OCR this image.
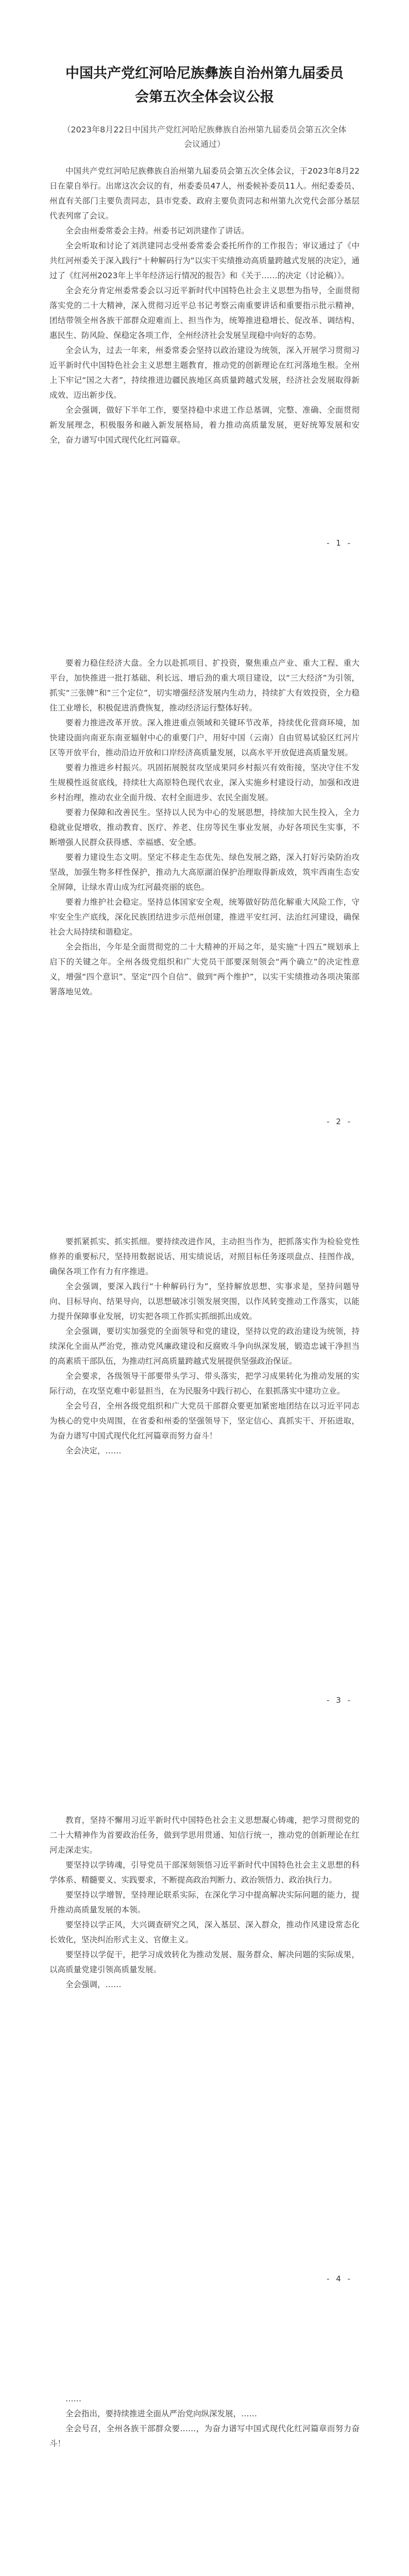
中国共产党红河哈尼族彝族自治州第九届委员会第五次全体会议公报
（2023年8月22日中国共产党红河哈尼族彝族自治州第九届委员会第五次全体会议通过）

中国共产党红河哈尼族彝族自治州第九届委员会第五次全体会议，于2023年8月22日在蒙自举行。出席这次会议的有，州委委员47人，州委候补委员11人。州纪委委员、州直有关部门主要负责同志，县市党委、政府主要负责同志和州第九次党代会部分基层代表列席了会议。

全会由州委常委会主持。州委书记刘洪建作了讲话。

全会听取和讨论了刘洪建同志受州委常委会委托所作的工作报告；审议通过了《中共红河州委关于深入践行“十种解码行为”以实干实绩推动高质量跨越式发展的决定》，通过了《红河州2023年上半年经济运行情况的报告》和《关于……的决定（讨论稿）》。

全会充分肯定州委常委会以习近平新时代中国特色社会主义思想为指导，全面贯彻落实党的二十大精神，深入贯彻习近平总书记考察云南重要讲话和重要指示批示精神，团结带领全州各族干部群众迎难而上、担当作为，统筹推进稳增长、促改革、调结构、惠民生、防风险、保稳定各项工作，全州经济社会发展呈现稳中向好的态势。

全会认为，过去一年来，州委常委会坚持以政治建设为统领，深入开展学习贯彻习近平新时代中国特色社会主义思想主题教育，推动党的创新理论在红河落地生根。全州上下牢记“国之大者”，持续推进边疆民族地区高质量跨越式发展，经济社会发展取得新成效、迈出新步伐。

全会强调，做好下半年工作，要坚持稳中求进工作总基调，完整、准确、全面贯彻新发展理念，积极服务和融入新发展格局，着力推动高质量发展，更好统筹发展和安全，奋力谱写中国式现代化红河篇章。

- 1 -

要着力稳住经济大盘。全力以赴抓项目、扩投资，聚焦重点产业、重大工程、重大平台，加快推进一批打基础、利长远、增后劲的重大项目建设，以“三大经济”为引领，抓实“三张牌”和“三个定位”，切实增强经济发展内生动力，持续扩大有效投资，全力稳住工业增长，积极促进消费恢复，推动经济运行整体好转。

要着力推进改革开放。深入推进重点领域和关键环节改革，持续优化营商环境，加快建设面向南亚东南亚辐射中心的重要门户，用好中国（云南）自由贸易试验区红河片区等开放平台，推动沿边开放和口岸经济高质量发展，以高水平开放促进高质量发展。

要着力推进乡村振兴。巩固拓展脱贫攻坚成果同乡村振兴有效衔接，坚决守住不发生规模性返贫底线，持续壮大高原特色现代农业，深入实施乡村建设行动，加强和改进乡村治理，推动农业全面升级、农村全面进步、农民全面发展。

要着力保障和改善民生。坚持以人民为中心的发展思想，持续加大民生投入，全力稳就业促增收，推动教育、医疗、养老、住房等民生事业发展，办好各项民生实事，不断增强人民群众获得感、幸福感、安全感。

要着力建设生态文明。坚定不移走生态优先、绿色发展之路，深入打好污染防治攻坚战，加强生物多样性保护，推动九大高原湖泊保护治理取得新成效，筑牢西南生态安全屏障，让绿水青山成为红河最亮丽的底色。

要着力维护社会稳定。坚持总体国家安全观，统筹做好防范化解重大风险工作，守牢安全生产底线，深化民族团结进步示范州创建，推进平安红河、法治红河建设，确保社会大局持续和谐稳定。

全会指出，今年是全面贯彻党的二十大精神的开局之年，是实施“十四五”规划承上启下的关键之年。全州各级党组织和广大党员干部要深刻领会“两个确立”的决定性意义，增强“四个意识”、坚定“四个自信”、做到“两个维护”，以实干实绩推动各项决策部署落地见效。

- 2 -

要抓紧抓实、抓实抓细。要持续改进作风，主动担当作为，把抓落实作为检验党性修养的重要标尺，坚持用数据说话、用实绩说话，对照目标任务逐项盘点、挂图作战，确保各项工作有力有序推进。

全会强调，要深入践行“十种解码行为”，坚持解放思想、实事求是，坚持问题导向、目标导向、结果导向，以思想破冰引领发展突围，以作风转变推动工作落实，以能力提升保障事业发展，切实把各项工作抓实抓细抓出成效。

全会强调，要切实加强党的全面领导和党的建设，坚持以党的政治建设为统领，持续深化全面从严治党，推动党风廉政建设和反腐败斗争向纵深发展，锻造忠诚干净担当的高素质干部队伍，为推动红河高质量跨越式发展提供坚强政治保证。

全会要求，各级领导干部要带头学习、带头落实，把学习成果转化为推动发展的实际行动，在攻坚克难中彰显担当，在为民服务中践行初心，在狠抓落实中建功立业。

全会号召，全州各级党组织和广大党员干部群众要更加紧密地团结在以习近平同志为核心的党中央周围，在省委和州委的坚强领导下，坚定信心、真抓实干、开拓进取，为奋力谱写中国式现代化红河篇章而努力奋斗！

全会决定，……

- 3 -

教育，坚持不懈用习近平新时代中国特色社会主义思想凝心铸魂，把学习贯彻党的二十大精神作为首要政治任务，做到学思用贯通、知信行统一，推动党的创新理论在红河走深走实。

要坚持以学铸魂，引导党员干部深刻领悟习近平新时代中国特色社会主义思想的科学体系、精髓要义、实践要求，不断提高政治判断力、政治领悟力、政治执行力。

要坚持以学增智，坚持理论联系实际，在深化学习中提高解决实际问题的能力，提升推动高质量发展的本领。

要坚持以学正风，大兴调查研究之风，深入基层、深入群众，推动作风建设常态化长效化，坚决纠治形式主义、官僚主义。

要坚持以学促干，把学习成效转化为推动发展、服务群众、解决问题的实际成果，以高质量党建引领高质量发展。

全会强调，……

- 4 -

……

全会指出，要持续推进全面从严治党向纵深发展，……

全会号召，全州各族干部群众要……，为奋力谱写中国式现代化红河篇章而努力奋斗！
